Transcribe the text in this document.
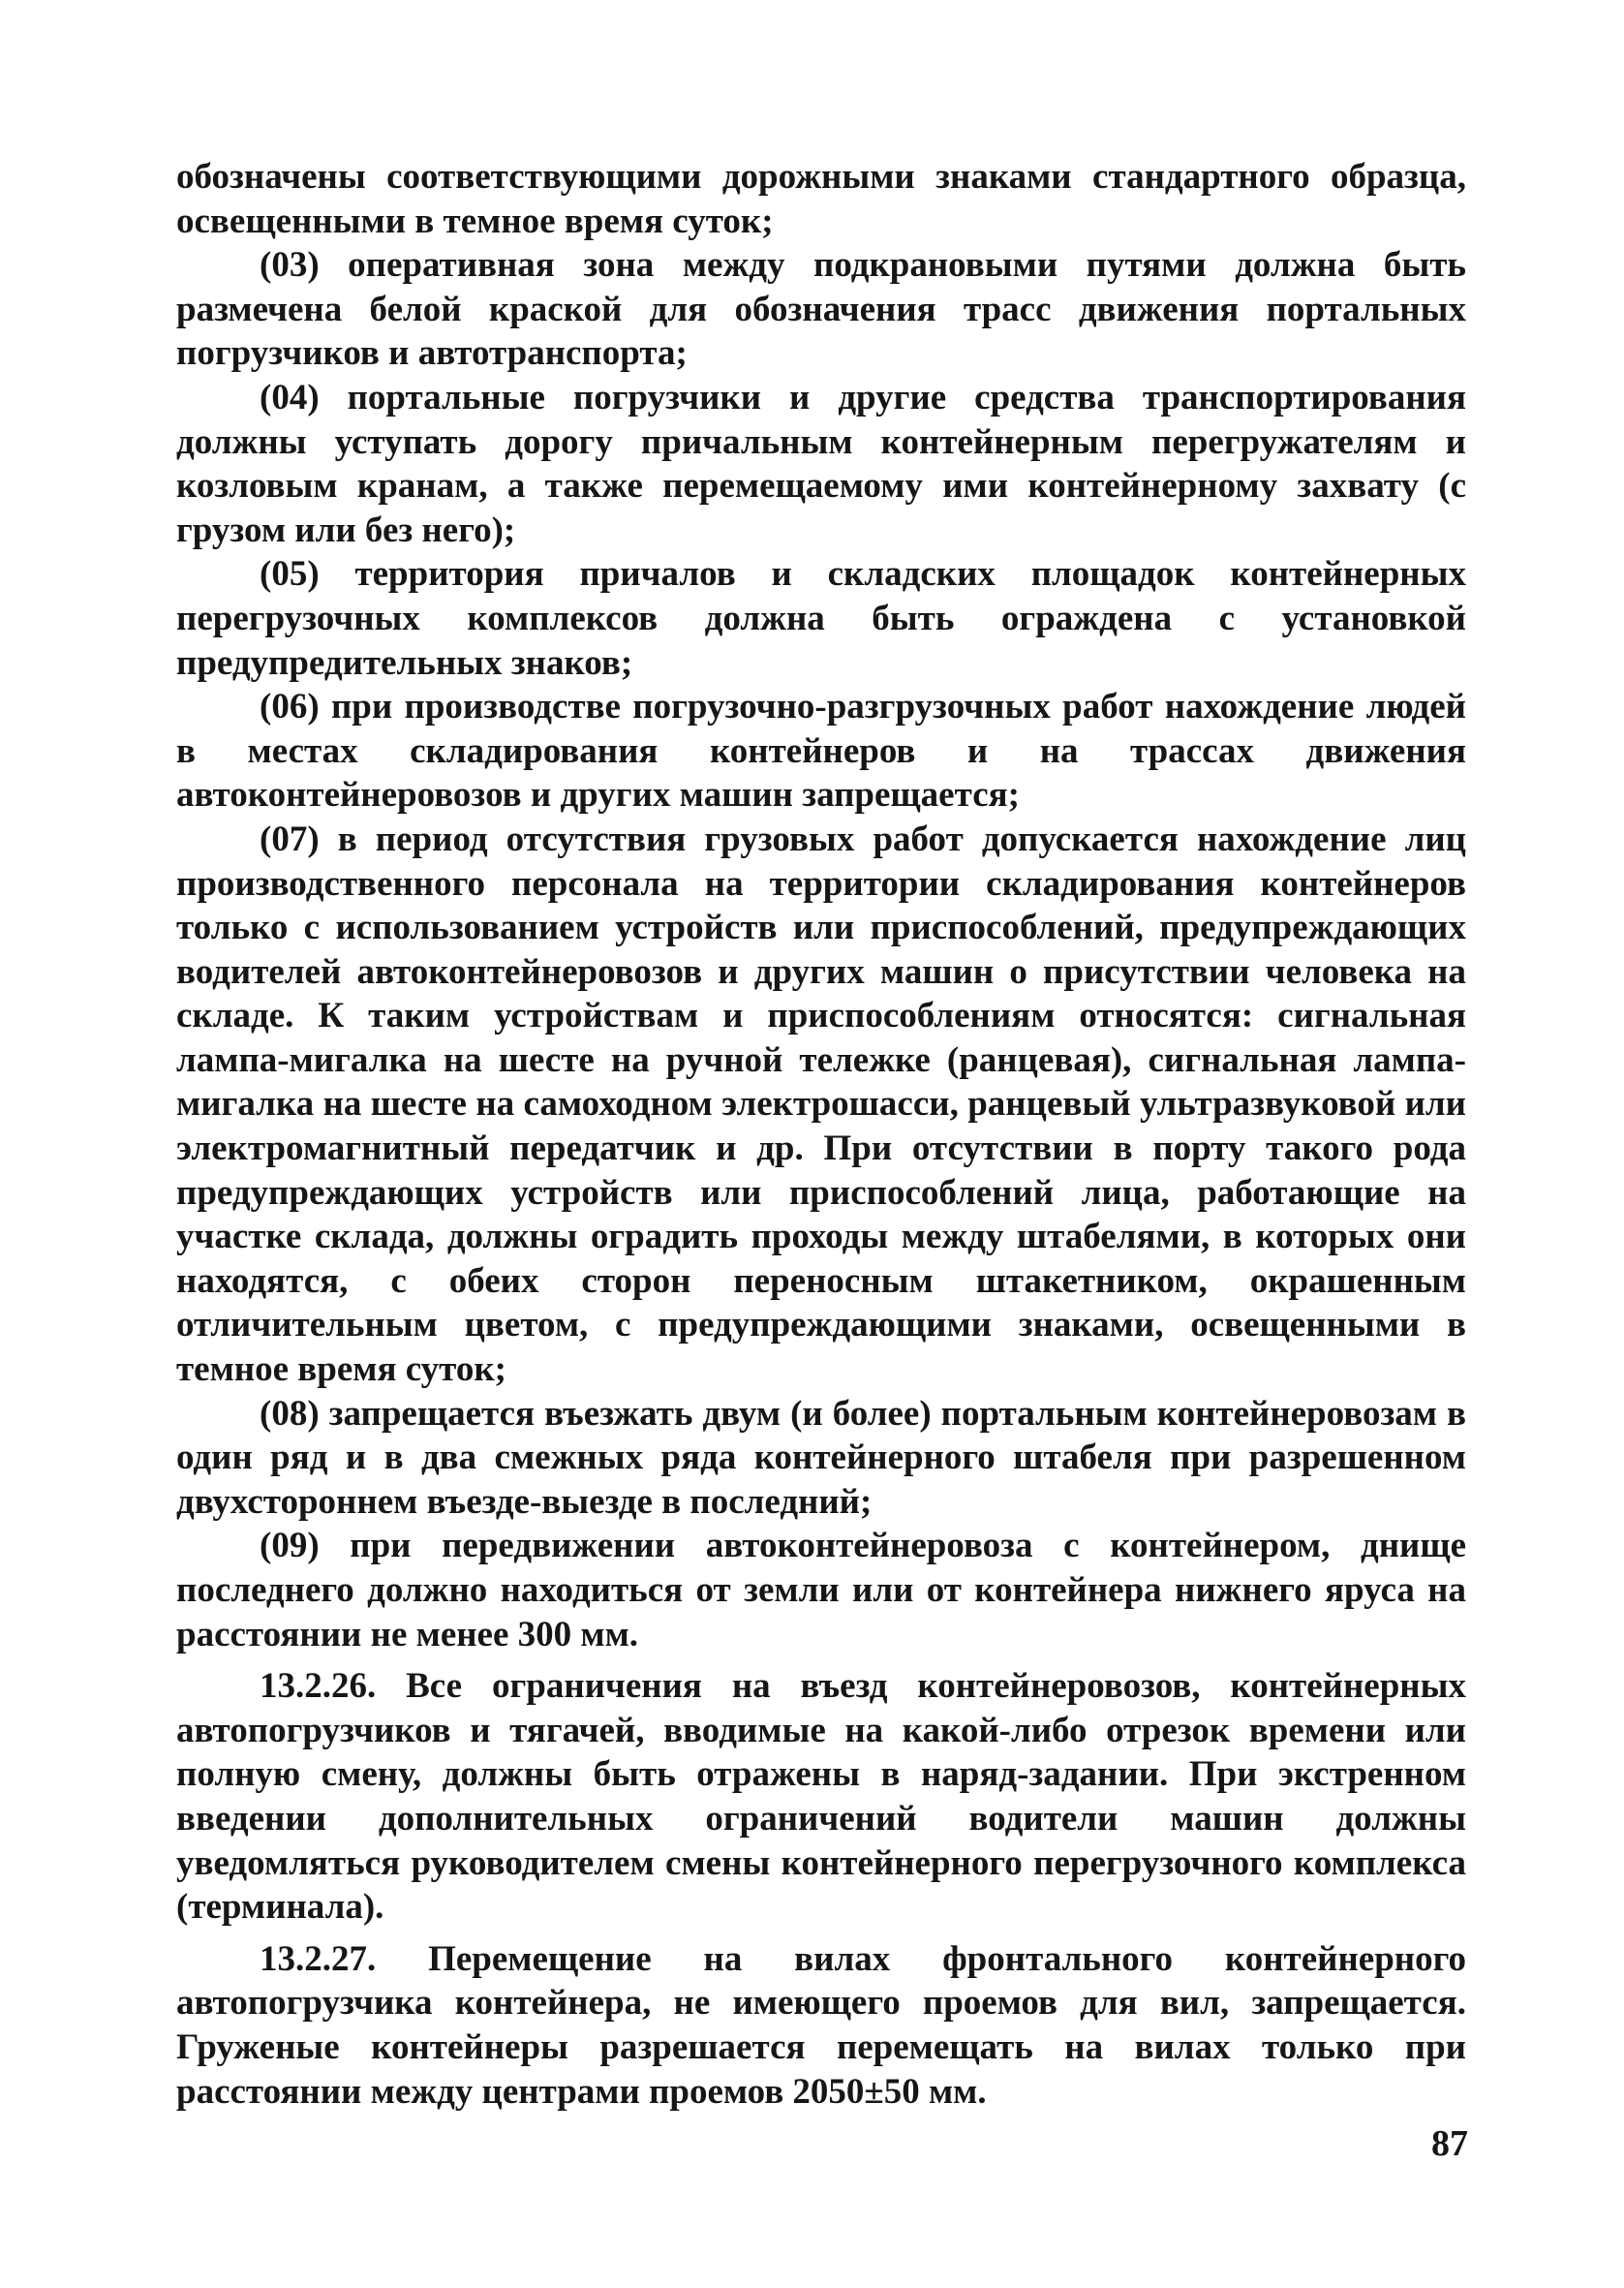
обозначены соответствующими дорожными знаками стандартного образца, освещенными в темное время суток;

(03) оперативная зона между подкрановыми путями должна быть размечена белой краской для обозначения трасс движения портальных погрузчиков и автотранспорта;

(04) портальные погрузчики и другие средства транспортирования должны уступать дорогу причальным контейнерным перегружателям и козловым кранам, а также перемещаемому ими контейнерному захвату (с грузом или без него);

(05) территория причалов и складских площадок контейнерных перегрузочных комплексов должна быть ограждена с установкой предупредительных знаков;

(06) при производстве погрузочно-разгрузочных работ нахождение людей в местах складирования контейнеров и на трассах движения автоконтейнеровозов и других машин запрещается;

(07) в период отсутствия грузовых работ допускается нахождение лиц производственного персонала на территории складирования контейнеров только с использованием устройств или приспособлений, предупреждающих водителей автоконтейнеровозов и других машин о присутствии человека на складе. К таким устройствам и приспособлениям относятся: сигнальная лампа-мигалка на шесте на ручной тележке (ранцевая), сигнальная лампа-мигалка на шесте на самоходном электрошасси, ранцевый ультразвуковой или электромагнитный передатчик и др. При отсутствии в порту такого рода предупреждающих устройств или приспособлений лица, работающие на участке склада, должны оградить проходы между штабелями, в которых они находятся, с обеих сторон переносным штакетником, окрашенным отличительным цветом, с предупреждающими знаками, освещенными в темное время суток;

(08) запрещается въезжать двум (и более) портальным контейнеровозам в один ряд и в два смежных ряда контейнерного штабеля при разрешенном двухстороннем въезде-выезде в последний;

(09) при передвижении автоконтейнеровоза с контейнером, днище последнего должно находиться от земли или от контейнера нижнего яруса на расстоянии не менее 300 мм.

13.2.26. Все ограничения на въезд контейнеровозов, контейнерных автопогрузчиков и тягачей, вводимые на какой-либо отрезок времени или полную смену, должны быть отражены в наряд-задании. При экстренном введении дополнительных ограничений водители машин должны уведомляться руководителем смены контейнерного перегрузочного комплекса (терминала).

13.2.27. Перемещение на вилах фронтального контейнерного автопогрузчика контейнера, не имеющего проемов для вил, запрещается. Груженые контейнеры разрешается перемещать на вилах только при расстоянии между центрами проемов 2050±50 мм.

87
